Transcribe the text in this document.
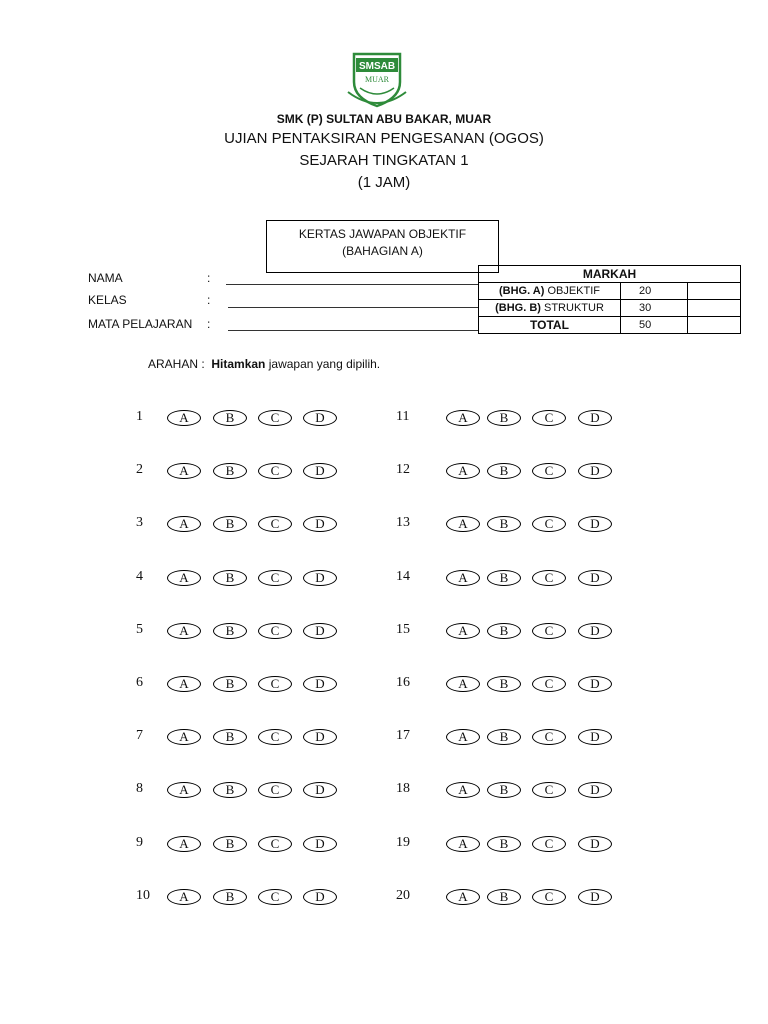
SMSAB
MUAR
SMK (P) SULTAN ABU BAKAR, MUAR
UJIAN PENTAKSIRAN PENGESANAN (OGOS)
SEJARAH TINGKATAN 1
(1 JAM)
KERTAS JAWAPAN OBJEKTIF
(BAHAGIAN A)
NAMA	:
KELAS	:
MATA PELAJARAN :
MARKAH		
(BHG. A) OBJEKTIF	20	
(BHG. B) STRUKTUR	30	
TOTAL	50	
ARAHAN :  Hitamkan jawapan yang dipilih.
1	A	B	C	D
2	A	B	C	D
3	A	B	C	D
4	A	B	C	D
5	A	B	C	D
6	A	B	C	D
7	A	B	C	D
8	A	B	C	D
9	A	B	C	D
10	A	B	C	D
11	A	B	C	D
12	A	B	C	D
13	A	B	C	D
14	A	B	C	D
15	A	B	C	D
16	A	B	C	D
17	A	B	C	D
18	A	B	C	D
19	A	B	C	D
20	A	B	C	D
